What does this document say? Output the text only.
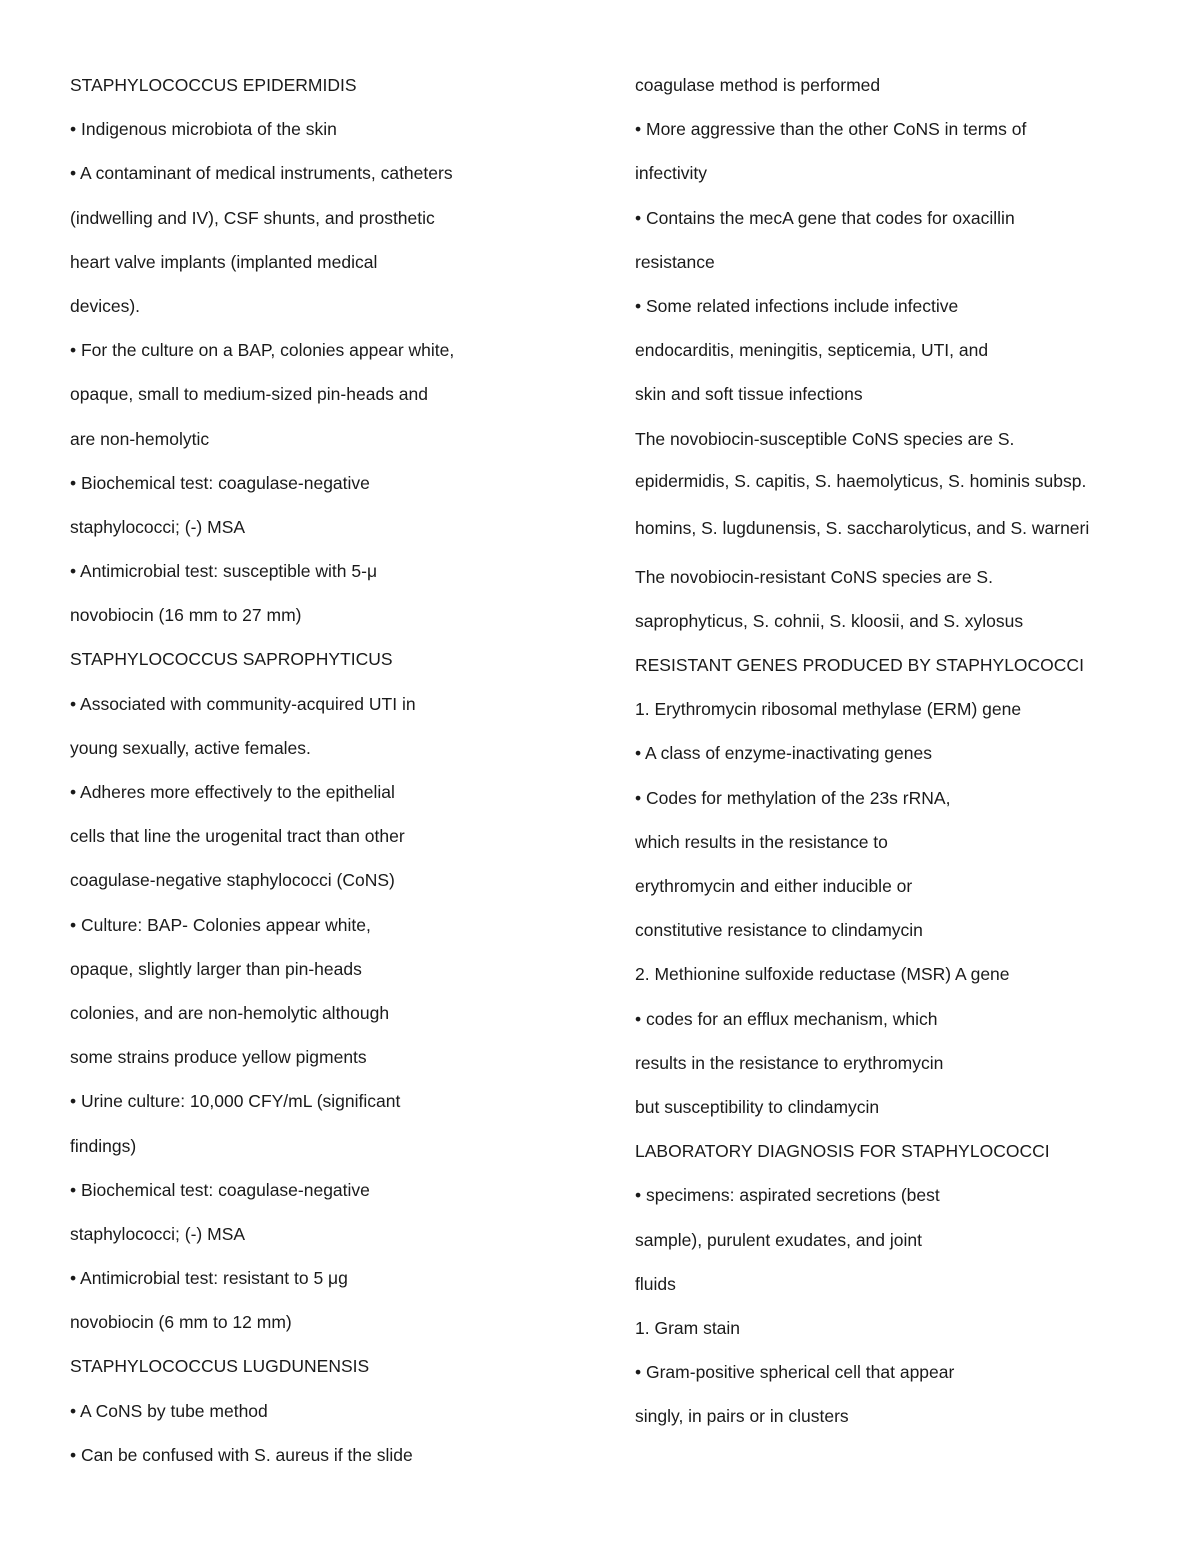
STAPHYLOCOCCUS EPIDERMIDIS
• Indigenous microbiota of the skin
• A contaminant of medical instruments, catheters
(indwelling and IV), CSF shunts, and prosthetic
heart valve implants (implanted medical
devices).
• For the culture on a BAP, colonies appear white,
opaque, small to medium-sized pin-heads and
are non-hemolytic
• Biochemical test: coagulase-negative
staphylococci; (-) MSA
• Antimicrobial test: susceptible with 5-μ
novobiocin (16 mm to 27 mm)
STAPHYLOCOCCUS SAPROPHYTICUS
• Associated with community-acquired UTI in
young sexually, active females.
• Adheres more effectively to the epithelial
cells that line the urogenital tract than other
coagulase-negative staphylococci (CoNS)
• Culture: BAP- Colonies appear white,
opaque, slightly larger than pin-heads
colonies, and are non-hemolytic although
some strains produce yellow pigments
• Urine culture: 10,000 CFY/mL (significant
findings)
• Biochemical test: coagulase-negative
staphylococci; (-) MSA
• Antimicrobial test: resistant to 5 μg
novobiocin (6 mm to 12 mm)
STAPHYLOCOCCUS LUGDUNENSIS
• A CoNS by tube method
• Can be confused with S. aureus if the slide
coagulase method is performed
• More aggressive than the other CoNS in terms of
infectivity
• Contains the mecA gene that codes for oxacillin
resistance
• Some related infections include infective
endocarditis, meningitis, septicemia, UTI, and
skin and soft tissue infections
The novobiocin-susceptible CoNS species are S.
epidermidis, S. capitis, S. haemolyticus, S. hominis subsp.
homins, S. lugdunensis, S. saccharolyticus, and S. warneri
The novobiocin-resistant CoNS species are S.
saprophyticus, S. cohnii, S. kloosii, and S. xylosus
RESISTANT GENES PRODUCED BY STAPHYLOCOCCI
1. Erythromycin ribosomal methylase (ERM) gene
• A class of enzyme-inactivating genes
• Codes for methylation of the 23s rRNA,
which results in the resistance to
erythromycin and either inducible or
constitutive resistance to clindamycin
2. Methionine sulfoxide reductase (MSR) A gene
• codes for an efflux mechanism, which
results in the resistance to erythromycin
but susceptibility to clindamycin
LABORATORY DIAGNOSIS FOR STAPHYLOCOCCI
• specimens: aspirated secretions (best
sample), purulent exudates, and joint
fluids
1. Gram stain
• Gram-positive spherical cell that appear
singly, in pairs or in clusters
